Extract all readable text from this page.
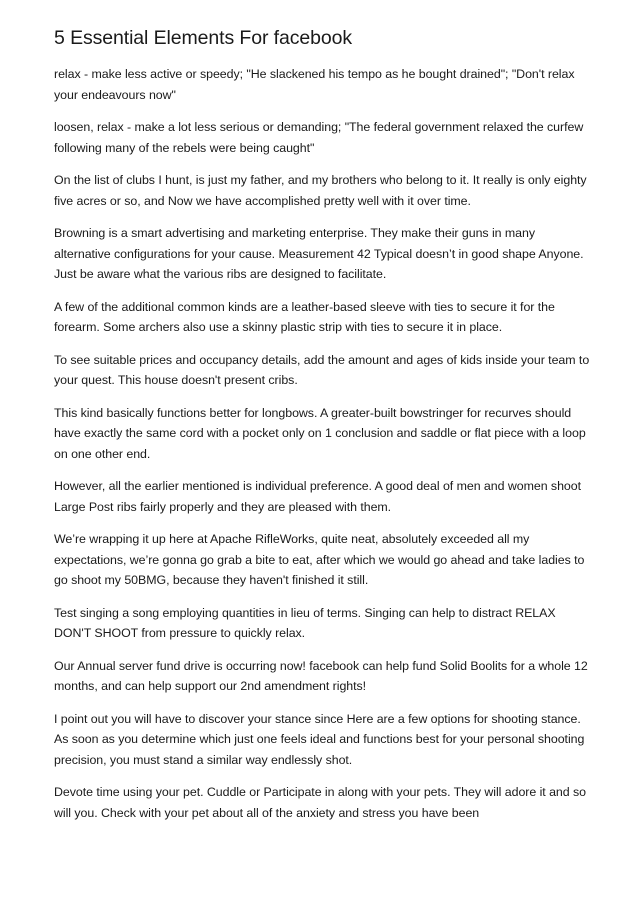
5 Essential Elements For facebook

relax - make less active or speedy; "He slackened his tempo as he bought drained"; "Don't relax your endeavours now"

loosen, relax - make a lot less serious or demanding; "The federal government relaxed the curfew following many of the rebels were being caught"

On the list of clubs I hunt, is just my father, and my brothers who belong to it. It really is only eighty five acres or so, and Now we have accomplished pretty well with it over time.

Browning is a smart advertising and marketing enterprise. They make their guns in many alternative configurations for your cause. Measurement 42 Typical doesn’t in good shape Anyone. Just be aware what the various ribs are designed to facilitate.

A few of the additional common kinds are a leather-based sleeve with ties to secure it for the forearm. Some archers also use a skinny plastic strip with ties to secure it in place.

To see suitable prices and occupancy details, add the amount and ages of kids inside your team to your quest. This house doesn't present cribs.

This kind basically functions better for longbows. A greater-built bowstringer for recurves should have exactly the same cord with a pocket only on 1 conclusion and saddle or flat piece with a loop on one other end.

However, all the earlier mentioned is individual preference. A good deal of men and women shoot Large Post ribs fairly properly and they are pleased with them.

We’re wrapping it up here at Apache RifleWorks, quite neat, absolutely exceeded all my expectations, we’re gonna go grab a bite to eat, after which we would go ahead and take ladies to go shoot my 50BMG, because they haven't finished it still.

Test singing a song employing quantities in lieu of terms. Singing can help to distract RELAX DON'T SHOOT from pressure to quickly relax.

Our Annual server fund drive is occurring now! facebook can help fund Solid Boolits for a whole 12 months, and can help support our 2nd amendment rights!

I point out you will have to discover your stance since Here are a few options for shooting stance. As soon as you determine which just one feels ideal and functions best for your personal shooting precision, you must stand a similar way endlessly shot.

Devote time using your pet. Cuddle or Participate in along with your pets. They will adore it and so will you. Check with your pet about all of the anxiety and stress you have been
